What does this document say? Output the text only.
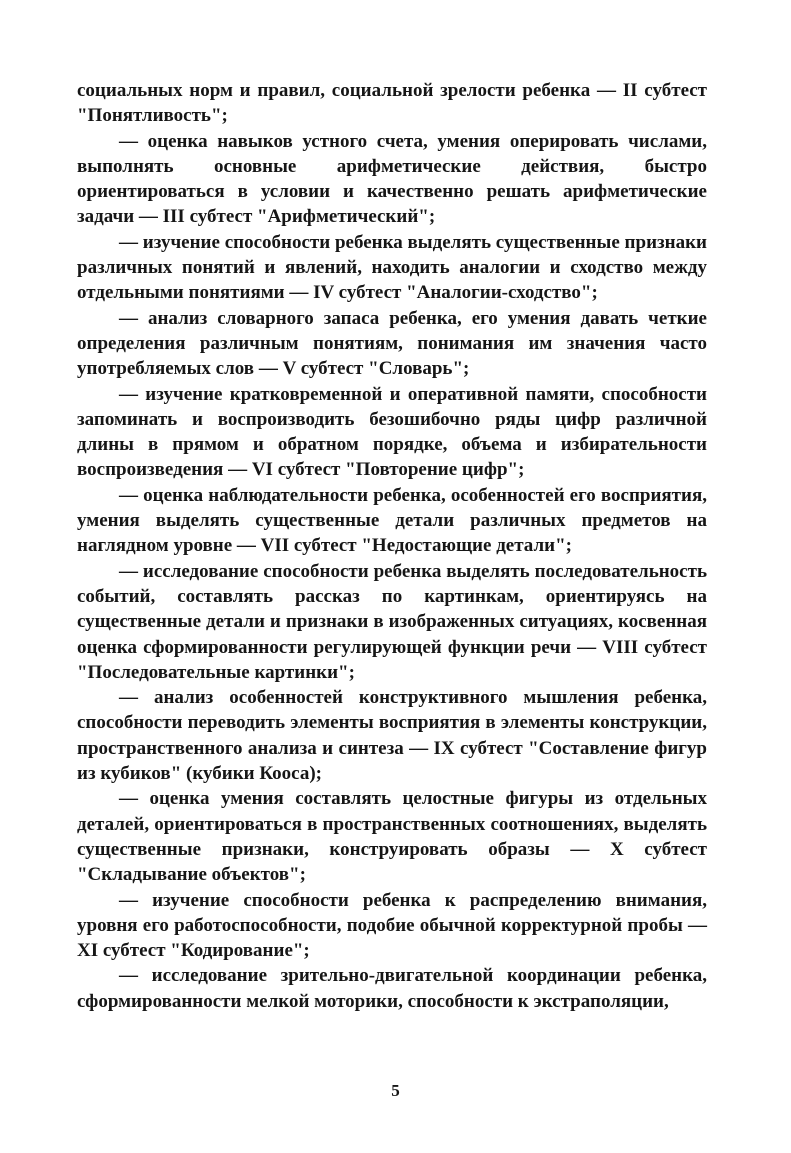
социальных норм и правил, социальной зрелости ребенка — II субтест "Понятливость";

— оценка навыков устного счета, умения оперировать числами, выполнять основные арифметические действия, быстро ориентироваться в условии и качественно решать арифметические задачи — III субтест "Арифметический";

— изучение способности ребенка выделять существенные признаки различных понятий и явлений, находить аналогии и сходство между отдельными понятиями — IV субтест "Аналогии-сходство";

— анализ словарного запаса ребенка, его умения давать четкие определения различным понятиям, понимания им значения часто употребляемых слов — V субтест "Словарь";

— изучение кратковременной и оперативной памяти, способности запоминать и воспроизводить безошибочно ряды цифр различной длины в прямом и обратном порядке, объема и избирательности воспроизведения — VI субтест "Повторение цифр";

— оценка наблюдательности ребенка, особенностей его восприятия, умения выделять существенные детали различных предметов на наглядном уровне — VII субтест "Недостающие детали";

— исследование способности ребенка выделять последовательность событий, составлять рассказ по картинкам, ориентируясь на существенные детали и признаки в изображенных ситуациях, косвенная оценка сформированности регулирующей функции речи — VIII субтест "Последовательные картинки";

— анализ особенностей конструктивного мышления ребенка, способности переводить элементы восприятия в элементы конструкции, пространственного анализа и синтеза — IX субтест "Составление фигур из кубиков" (кубики Кооса);

— оценка умения составлять целостные фигуры из отдельных деталей, ориентироваться в пространственных соотношениях, выделять существенные признаки, конструировать образы — X субтест "Складывание объектов";

— изучение способности ребенка к распределению внимания, уровня его работоспособности, подобие обычной корректурной пробы — XI субтест "Кодирование";

— исследование зрительно-двигательной координации ребенка, сформированности мелкой моторики, способности к экстраполяции,

5
